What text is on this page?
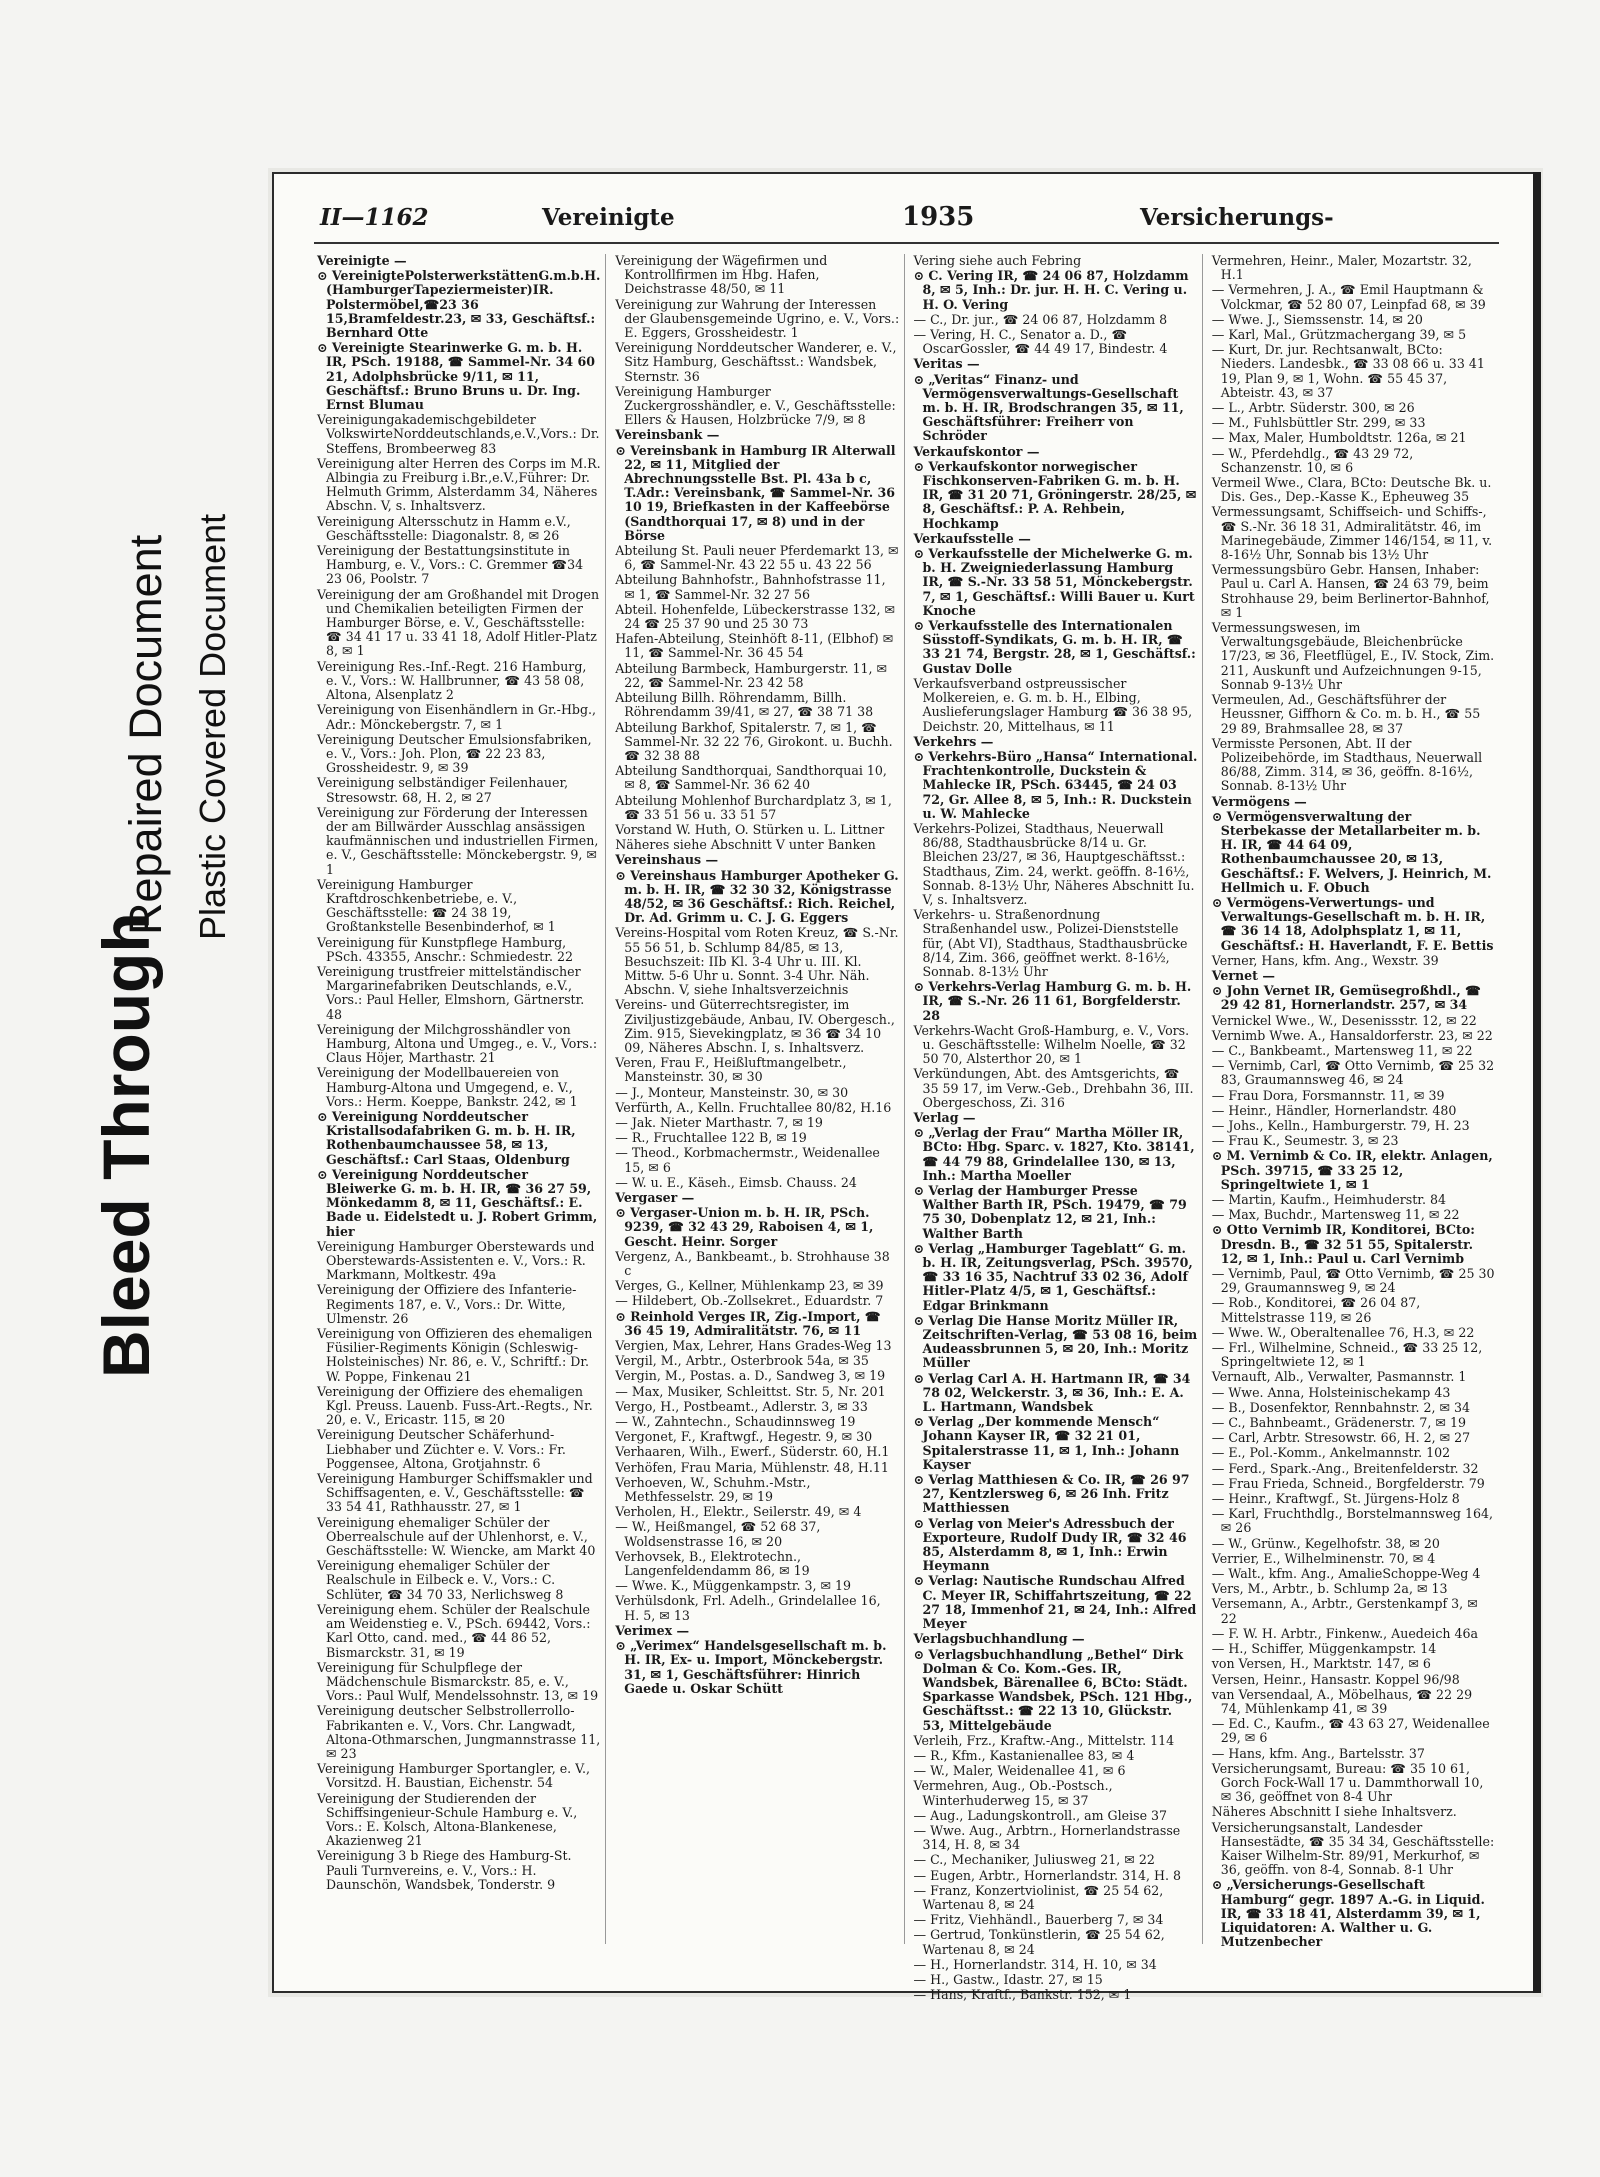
Bleed Through
Repaired Document Plastic Covered Document
II—1162	Vereinigte	1935	Versicherungs-
Vereinigte —
⊙ VereinigtePolsterwerkstättenG.m.b.H. (HamburgerTapeziermeister)IR. Polstermöbel,☎23 36 15,Bramfeldestr.23, ✉ 33, Geschäftsf.: Bernhard Otte
⊙ Vereinigte Stearinwerke G. m. b. H. IR, PSch. 19188, ☎ Sammel-Nr. 34 60 21, Adolphsbrücke 9/11, ✉ 11, Geschäftsf.: Bruno Bruns u. Dr. Ing. Ernst Blumau
Vereinigungakademischgebildeter VolkswirteNorddeutschlands,e.V.,Vors.: Dr. Steffens, Brombeerweg 83
Vereinigung alter Herren des Corps im M.R. Albingia zu Freiburg i.Br.,e.V.,Führer: Dr. Helmuth Grimm, Alsterdamm 34, Näheres Abschn. V, s. Inhaltsverz.
Vereinigung Altersschutz in Hamm e.V., Geschäftsstelle: Diagonalstr. 8, ✉ 26
Vereinigung der Bestattungsinstitute in Hamburg, e. V., Vors.: C. Gremmer ☎34 23 06, Poolstr. 7
Vereinigung der am Großhandel mit Drogen und Chemikalien beteiligten Firmen der Hamburger Börse, e. V., Geschäftsstelle: ☎ 34 41 17 u. 33 41 18, Adolf Hitler-Platz 8, ✉ 1
Vereinigung Res.-Inf.-Regt. 216 Hamburg, e. V., Vors.: W. Hallbrunner, ☎ 43 58 08, Altona, Alsenplatz 2
Vereinigung von Eisenhändlern in Gr.-Hbg., Adr.: Mönckebergstr. 7, ✉ 1
Vereinigung Deutscher Emulsionsfabriken, e. V., Vors.: Joh. Plon, ☎ 22 23 83, Grossheidestr. 9, ✉ 39
Vereinigung selbständiger Feilenhauer, Stresowstr. 68, H. 2, ✉ 27
Vereinigung zur Förderung der Interessen der am Billwärder Ausschlag ansässigen kaufmännischen und industriellen Firmen, e. V., Geschäftsstelle: Mönckebergstr. 9, ✉ 1
Vereinigung Hamburger Kraftdroschkenbetriebe, e. V., Geschäftsstelle: ☎ 24 38 19, Großtankstelle Besenbinderhof, ✉ 1
Vereinigung für Kunstpflege Hamburg, PSch. 43355, Anschr.: Schmiedestr. 22
Vereinigung trustfreier mittelständischer Margarinefabriken Deutschlands, e.V., Vors.: Paul Heller, Elmshorn, Gärtnerstr. 48
Vereinigung der Milchgrosshändler von Hamburg, Altona und Umgeg., e. V., Vors.: Claus Höjer, Marthastr. 21
Vereinigung der Modellbauereien von Hamburg-Altona und Umgegend, e. V., Vors.: Herm. Koeppe, Bankstr. 242, ✉ 1
⊙ Vereinigung Norddeutscher Kristallsodafabriken G. m. b. H. IR, Rothenbaumchaussee 58, ✉ 13, Geschäftsf.: Carl Staas, Oldenburg
⊙ Vereinigung Norddeutscher Bleiwerke G. m. b. H. IR, ☎ 36 27 59, Mönkedamm 8, ✉ 11, Geschäftsf.: E. Bade u. Eidelstedt u. J. Robert Grimm, hier
Vereinigung Hamburger Oberstewards und Oberstewards-Assistenten e. V., Vors.: R. Markmann, Moltkestr. 49a
Vereinigung der Offiziere des Infanterie-Regiments 187, e. V., Vors.: Dr. Witte, Ulmenstr. 26
Vereinigung von Offizieren des ehemaligen Füsilier-Regiments Königin (Schleswig-Holsteinisches) Nr. 86, e. V., Schriftf.: Dr. W. Poppe, Finkenau 21
Vereinigung der Offiziere des ehemaligen Kgl. Preuss. Lauenb. Fuss-Art.-Regts., Nr. 20, e. V., Ericastr. 115, ✉ 20
Vereinigung Deutscher Schäferhund-Liebhaber und Züchter e. V. Vors.: Fr. Poggensee, Altona, Grotjahnstr. 6
Vereinigung Hamburger Schiffsmakler und Schiffsagenten, e. V., Geschäftsstelle: ☎ 33 54 41, Rathhausstr. 27, ✉ 1
Vereinigung ehemaliger Schüler der Oberrealschule auf der Uhlenhorst, e. V., Geschäftsstelle: W. Wiencke, am Markt 40
Vereinigung ehemaliger Schüler der Realschule in Eilbeck e. V., Vors.: C. Schlüter, ☎ 34 70 33, Nerlichsweg 8
Vereinigung ehem. Schüler der Realschule am Weidenstieg e. V., PSch. 69442, Vors.: Karl Otto, cand. med., ☎ 44 86 52, Bismarckstr. 31, ✉ 19
Vereinigung für Schulpflege der Mädchenschule Bismarckstr. 85, e. V., Vors.: Paul Wulf, Mendelssohnstr. 13, ✉ 19
Vereinigung deutscher Selbstrollerrollo-Fabrikanten e. V., Vors. Chr. Langwadt, Altona-Othmarschen, Jungmannstrasse 11, ✉ 23
Vereinigung Hamburger Sportangler, e. V., Vorsitzd. H. Baustian, Eichenstr. 54
Vereinigung der Studierenden der Schiffsingenieur-Schule Hamburg e. V., Vors.: E. Kolsch, Altona-Blankenese, Akazienweg 21
Vereinigung 3 b Riege des Hamburg-St. Pauli Turnvereins, e. V., Vors.: H. Daunschön, Wandsbek, Tonderstr. 9
Vereinigung der Wägefirmen und Kontrollfirmen im Hbg. Hafen, Deichstrasse 48/50, ✉ 11
Vereinigung zur Wahrung der Interessen der Glaubensgemeinde Ugrino, e. V., Vors.: E. Eggers, Grossheidestr. 1
Vereinigung Norddeutscher Wanderer, e. V., Sitz Hamburg, Geschäftsst.: Wandsbek, Sternstr. 36
Vereinigung Hamburger Zuckergrosshändler, e. V., Geschäftsstelle: Ellers & Hausen, Holzbrücke 7/9, ✉ 8
Vereinsbank —
⊙ Vereinsbank in Hamburg IR Alterwall 22, ✉ 11, Mitglied der Abrechnungsstelle Bst. Pl. 43a b c, T.Adr.: Vereinsbank, ☎ Sammel-Nr. 36 10 19, Briefkasten in der Kaffeebörse (Sandthorquai 17, ✉ 8) und in der Börse
Abteilung St. Pauli neuer Pferdemarkt 13, ✉ 6, ☎ Sammel-Nr. 43 22 55 u. 43 22 56
Abteilung Bahnhofstr., Bahnhofstrasse 11, ✉ 1, ☎ Sammel-Nr. 32 27 56
Abteil. Hohenfelde, Lübeckerstrasse 132, ✉ 24 ☎ 25 37 90 und 25 30 73
Hafen-Abteilung, Steinhöft 8-11, (Elbhof) ✉ 11, ☎ Sammel-Nr. 36 45 54
Abteilung Barmbeck, Hamburgerstr. 11, ✉ 22, ☎ Sammel-Nr. 23 42 58
Abteilung Billh. Röhrendamm, Billh. Röhrendamm 39/41, ✉ 27, ☎ 38 71 38
Abteilung Barkhof, Spitalerstr. 7, ✉ 1, ☎ Sammel-Nr. 32 22 76, Girokont. u. Buchh. ☎ 32 38 88
Abteilung Sandthorquai, Sandthorquai 10, ✉ 8, ☎ Sammel-Nr. 36 62 40
Abteilung Mohlenhof Burchardplatz 3, ✉ 1, ☎ 33 51 56 u. 33 51 57
Vorstand W. Huth, O. Stürken u. L. Littner
Näheres siehe Abschnitt V unter Banken
Vereinshaus —
⊙ Vereinshaus Hamburger Apotheker G. m. b. H. IR, ☎ 32 30 32, Königstrasse 48/52, ✉ 36 Geschäftsf.: Rich. Reichel, Dr. Ad. Grimm u. C. J. G. Eggers
Vereins-Hospital vom Roten Kreuz, ☎ S.-Nr. 55 56 51, b. Schlump 84/85, ✉ 13, Besuchszeit: IIb Kl. 3-4 Uhr u. III. Kl. Mittw. 5-6 Uhr u. Sonnt. 3-4 Uhr. Näh. Abschn. V, siehe Inhaltsverzeichnis
Vereins- und Güterrechtsregister, im Ziviljustizgebäude, Anbau, IV. Obergesch., Zim. 915, Sievekingplatz, ✉ 36 ☎ 34 10 09, Näheres Abschn. I, s. Inhaltsverz.
Veren, Frau F., Heißluftmangelbetr., Mansteinstr. 30, ✉ 30
— J., Monteur, Mansteinstr. 30, ✉ 30
Verfürth, A., Kelln. Fruchtallee 80/82, H.16
— Jak. Nieter Marthastr. 7, ✉ 19
— R., Fruchtallee 122 B, ✉ 19
— Theod., Korbmachermstr., Weidenallee 15, ✉ 6
— W. u. E., Käseh., Eimsb. Chauss. 24
Vergaser —
⊙ Vergaser-Union m. b. H. IR, PSch. 9239, ☎ 32 43 29, Raboisen 4, ✉ 1, Gescht. Heinr. Sorger
Vergenz, A., Bankbeamt., b. Strohhause 38 c
Verges, G., Kellner, Mühlenkamp 23, ✉ 39
— Hildebert, Ob.-Zollsekret., Eduardstr. 7
⊙ Reinhold Verges IR, Zig.-Import, ☎ 36 45 19, Admiralitätstr. 76, ✉ 11
Vergien, Max, Lehrer, Hans Grades-Weg 13
Vergil, M., Arbtr., Osterbrook 54a, ✉ 35
Vergin, M., Postas. a. D., Sandweg 3, ✉ 19
— Max, Musiker, Schleittst. Str. 5, Nr. 201
Vergo, H., Postbeamt., Adlerstr. 3, ✉ 33
— W., Zahntechn., Schaudinnsweg 19
Vergonet, F., Kraftwgf., Hegestr. 9, ✉ 30
Verhaaren, Wilh., Ewerf., Süderstr. 60, H.1
Verhöfen, Frau Maria, Mühlenstr. 48, H.11
Verhoeven, W., Schuhm.-Mstr., Methfesselstr. 29, ✉ 19
Verholen, H., Elektr., Seilerstr. 49, ✉ 4
— W., Heißmangel, ☎ 52 68 37, Woldsenstrasse 16, ✉ 20
Verhovsek, B., Elektrotechn., Langenfeldendamm 86, ✉ 19
— Wwe. K., Müggenkampstr. 3, ✉ 19
Verhülsdonk, Frl. Adelh., Grindelallee 16, H. 5, ✉ 13
Verimex —
⊙ „Verimex“ Handelsgesellschaft m. b. H. IR, Ex- u. Import, Mönckebergstr. 31, ✉ 1, Geschäftsführer: Hinrich Gaede u. Oskar Schütt
Vering siehe auch Febring
⊙ C. Vering IR, ☎ 24 06 87, Holzdamm 8, ✉ 5, Inh.: Dr. jur. H. H. C. Vering u. H. O. Vering
— C., Dr. jur., ☎ 24 06 87, Holzdamm 8
— Vering, H. C., Senator a. D., ☎ OscarGossler, ☎ 44 49 17, Bindestr. 4
Veritas —
⊙ „Veritas“ Finanz- und Vermögensverwaltungs-Gesellschaft m. b. H. IR, Brodschrangen 35, ✉ 11, Geschäftsführer: Freiherr von Schröder
Verkaufskontor —
⊙ Verkaufskontor norwegischer Fischkonserven-Fabriken G. m. b. H. IR, ☎ 31 20 71, Gröningerstr. 28/25, ✉ 8, Geschäftsf.: P. A. Rehbein, Hochkamp
Verkaufsstelle —
⊙ Verkaufsstelle der Michelwerke G. m. b. H. Zweigniederlassung Hamburg IR, ☎ S.-Nr. 33 58 51, Mönckebergstr. 7, ✉ 1, Geschäftsf.: Willi Bauer u. Kurt Knoche
⊙ Verkaufsstelle des Internationalen Süsstoff-Syndikats, G. m. b. H. IR, ☎ 33 21 74, Bergstr. 28, ✉ 1, Geschäftsf.: Gustav Dolle
Verkaufsverband ostpreussischer Molkereien, e. G. m. b. H., Elbing, Auslieferungslager Hamburg ☎ 36 38 95, Deichstr. 20, Mittelhaus, ✉ 11
Verkehrs —
⊙ Verkehrs-Büro „Hansa“ International. Frachtenkontrolle, Duckstein & Mahlecke IR, PSch. 63445, ☎ 24 03 72, Gr. Allee 8, ✉ 5, Inh.: R. Duckstein u. W. Mahlecke
Verkehrs-Polizei, Stadthaus, Neuerwall 86/88, Stadthausbrücke 8/14 u. Gr. Bleichen 23/27, ✉ 36, Hauptgeschäftsst.: Stadthaus, Zim. 24, werkt. geöffn. 8-16½, Sonnab. 8-13½ Uhr, Näheres Abschnitt Iu. V, s. Inhaltsverz.
Verkehrs- u. Straßenordnung Straßenhandel usw., Polizei-Dienststelle für, (Abt VI), Stadthaus, Stadthausbrücke 8/14, Zim. 366, geöffnet werkt. 8-16½, Sonnab. 8-13½ Uhr
⊙ Verkehrs-Verlag Hamburg G. m. b. H. IR, ☎ S.-Nr. 26 11 61, Borgfelderstr. 28
Verkehrs-Wacht Groß-Hamburg, e. V., Vors. u. Geschäftsstelle: Wilhelm Noelle, ☎ 32 50 70, Alsterthor 20, ✉ 1
Verkündungen, Abt. des Amtsgerichts, ☎ 35 59 17, im Verw.-Geb., Drehbahn 36, III. Obergeschoss, Zi. 316
Verlag —
⊙ „Verlag der Frau“ Martha Möller IR, BCto: Hbg. Sparc. v. 1827, Kto. 38141, ☎ 44 79 88, Grindelallee 130, ✉ 13, Inh.: Martha Moeller
⊙ Verlag der Hamburger Presse Walther Barth IR, PSch. 19479, ☎ 79 75 30, Dobenplatz 12, ✉ 21, Inh.: Walther Barth
⊙ Verlag „Hamburger Tageblatt“ G. m. b. H. IR, Zeitungsverlag, PSch. 39570, ☎ 33 16 35, Nachtruf 33 02 36, Adolf Hitler-Platz 4/5, ✉ 1, Geschäftsf.: Edgar Brinkmann
⊙ Verlag Die Hanse Moritz Müller IR, Zeitschriften-Verlag, ☎ 53 08 16, beim Audeassbrunnen 5, ✉ 20, Inh.: Moritz Müller
⊙ Verlag Carl A. H. Hartmann IR, ☎ 34 78 02, Welckerstr. 3, ✉ 36, Inh.: E. A. L. Hartmann, Wandsbek
⊙ Verlag „Der kommende Mensch“ Johann Kayser IR, ☎ 32 21 01, Spitalerstrasse 11, ✉ 1, Inh.: Johann Kayser
⊙ Verlag Matthiesen & Co. IR, ☎ 26 97 27, Kentzlersweg 6, ✉ 26 Inh. Fritz Matthiessen
⊙ Verlag von Meier's Adressbuch der Exporteure, Rudolf Dudy IR, ☎ 32 46 85, Alsterdamm 8, ✉ 1, Inh.: Erwin Heymann
⊙ Verlag: Nautische Rundschau Alfred C. Meyer IR, Schiffahrtszeitung, ☎ 22 27 18, Immenhof 21, ✉ 24, Inh.: Alfred Meyer
Verlagsbuchhandlung —
⊙ Verlagsbuchhandlung „Bethel“ Dirk Dolman & Co. Kom.-Ges. IR, Wandsbek, Bärenallee 6, BCto: Städt. Sparkasse Wandsbek, PSch. 121 Hbg., Geschäftsst.: ☎ 22 13 10, Glückstr. 53, Mittelgebäude
Verleih, Frz., Kraftw.-Ang., Mittelstr. 114
— R., Kfm., Kastanienallee 83, ✉ 4
— W., Maler, Weidenallee 41, ✉ 6
Vermehren, Aug., Ob.-Postsch., Winterhuderweg 15, ✉ 37
— Aug., Ladungskontroll., am Gleise 37
— Wwe. Aug., Arbtrn., Hornerlandstrasse 314, H. 8, ✉ 34
— C., Mechaniker, Juliusweg 21, ✉ 22
— Eugen, Arbtr., Hornerlandstr. 314, H. 8
— Franz, Konzertviolinist, ☎ 25 54 62, Wartenau 8, ✉ 24
— Fritz, Viehhändl., Bauerberg 7, ✉ 34
— Gertrud, Tonkünstlerin, ☎ 25 54 62, Wartenau 8, ✉ 24
— H., Hornerlandstr. 314, H. 10, ✉ 34
— H., Gastw., Idastr. 27, ✉ 15
— Hans, Kraftf., Bankstr. 152, ✉ 1
Vermehren, Heinr., Maler, Mozartstr. 32, H.1
— Vermehren, J. A., ☎ Emil Hauptmann & Volckmar, ☎ 52 80 07, Leinpfad 68, ✉ 39
— Wwe. J., Siemssenstr. 14, ✉ 20
— Karl, Mal., Grützmachergang 39, ✉ 5
— Kurt, Dr. jur. Rechtsanwalt, BCto: Nieders. Landesbk., ☎ 33 08 66 u. 33 41 19, Plan 9, ✉ 1, Wohn. ☎ 55 45 37, Abteistr. 43, ✉ 37
— L., Arbtr. Süderstr. 300, ✉ 26
— M., Fuhlsbüttler Str. 299, ✉ 33
— Max, Maler, Humboldtstr. 126a, ✉ 21
— W., Pferdehdlg., ☎ 43 29 72, Schanzenstr. 10, ✉ 6
Vermeil Wwe., Clara, BCto: Deutsche Bk. u. Dis. Ges., Dep.-Kasse K., Epheuweg 35
Vermessungsamt, Schiffseich- und Schiffs-, ☎ S.-Nr. 36 18 31, Admiralitätstr. 46, im Marinegebäude, Zimmer 146/154, ✉ 11, v. 8-16½ Uhr, Sonnab bis 13½ Uhr
Vermessungsbüro Gebr. Hansen, Inhaber: Paul u. Carl A. Hansen, ☎ 24 63 79, beim Strohhause 29, beim Berlinertor-Bahnhof, ✉ 1
Vermessungswesen, im Verwaltungsgebäude, Bleichenbrücke 17/23, ✉ 36, Fleetflügel, E., IV. Stock, Zim. 211, Auskunft und Aufzeichnungen 9-15, Sonnab 9-13½ Uhr
Vermeulen, Ad., Geschäftsführer der Heussner, Giffhorn & Co. m. b. H., ☎ 55 29 89, Brahmsallee 28, ✉ 37
Vermisste Personen, Abt. II der Polizeibehörde, im Stadthaus, Neuerwall 86/88, Zimm. 314, ✉ 36, geöffn. 8-16½, Sonnab. 8-13½ Uhr
Vermögens —
⊙ Vermögensverwaltung der Sterbekasse der Metallarbeiter m. b. H. IR, ☎ 44 64 09, Rothenbaumchaussee 20, ✉ 13, Geschäftsf.: F. Welvers, J. Heinrich, M. Hellmich u. F. Obuch
⊙ Vermögens-Verwertungs- und Verwaltungs-Gesellschaft m. b. H. IR, ☎ 36 14 18, Adolphsplatz 1, ✉ 11, Geschäftsf.: H. Haverlandt, F. E. Bettis
Verner, Hans, kfm. Ang., Wexstr. 39
Vernet —
⊙ John Vernet IR, Gemüsegroßhdl., ☎ 29 42 81, Hornerlandstr. 257, ✉ 34
Vernickel Wwe., W., Desenissstr. 12, ✉ 22
Vernimb Wwe. A., Hansaldorferstr. 23, ✉ 22
— C., Bankbeamt., Martensweg 11, ✉ 22
— Vernimb, Carl, ☎ Otto Vernimb, ☎ 25 32 83, Graumannsweg 46, ✉ 24
— Frau Dora, Forsmannstr. 11, ✉ 39
— Heinr., Händler, Hornerlandstr. 480
— Johs., Kelln., Hamburgerstr. 79, H. 23
— Frau K., Seumestr. 3, ✉ 23
⊙ M. Vernimb & Co. IR, elektr. Anlagen, PSch. 39715, ☎ 33 25 12, Springeltwiete 1, ✉ 1
— Martin, Kaufm., Heimhuderstr. 84
— Max, Buchdr., Martensweg 11, ✉ 22
⊙ Otto Vernimb IR, Konditorei, BCto: Dresdn. B., ☎ 32 51 55, Spitalerstr. 12, ✉ 1, Inh.: Paul u. Carl Vernimb
— Vernimb, Paul, ☎ Otto Vernimb, ☎ 25 30 29, Graumannsweg 9, ✉ 24
— Rob., Konditorei, ☎ 26 04 87, Mittelstrasse 119, ✉ 26
— Wwe. W., Oberaltenallee 76, H.3, ✉ 22
— Frl., Wilhelmine, Schneid., ☎ 33 25 12, Springeltwiete 12, ✉ 1
Vernauft, Alb., Verwalter, Pasmannstr. 1
— Wwe. Anna, Holsteinischekamp 43
— B., Dosenfektor, Rennbahnstr. 2, ✉ 34
— C., Bahnbeamt., Grädenerstr. 7, ✉ 19
— Carl, Arbtr. Stresowstr. 66, H. 2, ✉ 27
— E., Pol.-Komm., Ankelmannstr. 102
— Ferd., Spark.-Ang., Breitenfelderstr. 32
— Frau Frieda, Schneid., Borgfelderstr. 79
— Heinr., Kraftwgf., St. Jürgens-Holz 8
— Karl, Fruchthdlg., Borstelmannsweg 164, ✉ 26
— W., Grünw., Kegelhofstr. 38, ✉ 20
Verrier, E., Wilhelminenstr. 70, ✉ 4
— Walt., kfm. Ang., AmalieSchoppe-Weg 4
Vers, M., Arbtr., b. Schlump 2a, ✉ 13
Versemann, A., Arbtr., Gerstenkampf 3, ✉ 22
— F. W. H. Arbtr., Finkenw., Auedeich 46a
— H., Schiffer, Müggenkampstr. 14
von Versen, H., Marktstr. 147, ✉ 6
Versen, Heinr., Hansastr. Koppel 96/98
van Versendaal, A., Möbelhaus, ☎ 22 29 74, Mühlenkamp 41, ✉ 39
— Ed. C., Kaufm., ☎ 43 63 27, Weidenallee 29, ✉ 6
— Hans, kfm. Ang., Bartelsstr. 37
Versicherungsamt, Bureau: ☎ 35 10 61, Gorch Fock-Wall 17 u. Dammthorwall 10, ✉ 36, geöffnet von 8-4 Uhr
Näheres Abschnitt I siehe Inhaltsverz.
Versicherungsanstalt, Landesder Hansestädte, ☎ 35 34 34, Geschäftsstelle: Kaiser Wilhelm-Str. 89/91, Merkurhof, ✉ 36, geöffn. von 8-4, Sonnab. 8-1 Uhr
⊙ „Versicherungs-Gesellschaft Hamburg“ gegr. 1897 A.-G. in Liquid. IR, ☎ 33 18 41, Alsterdamm 39, ✉ 1, Liquidatoren: A. Walther u. G. Mutzenbecher
